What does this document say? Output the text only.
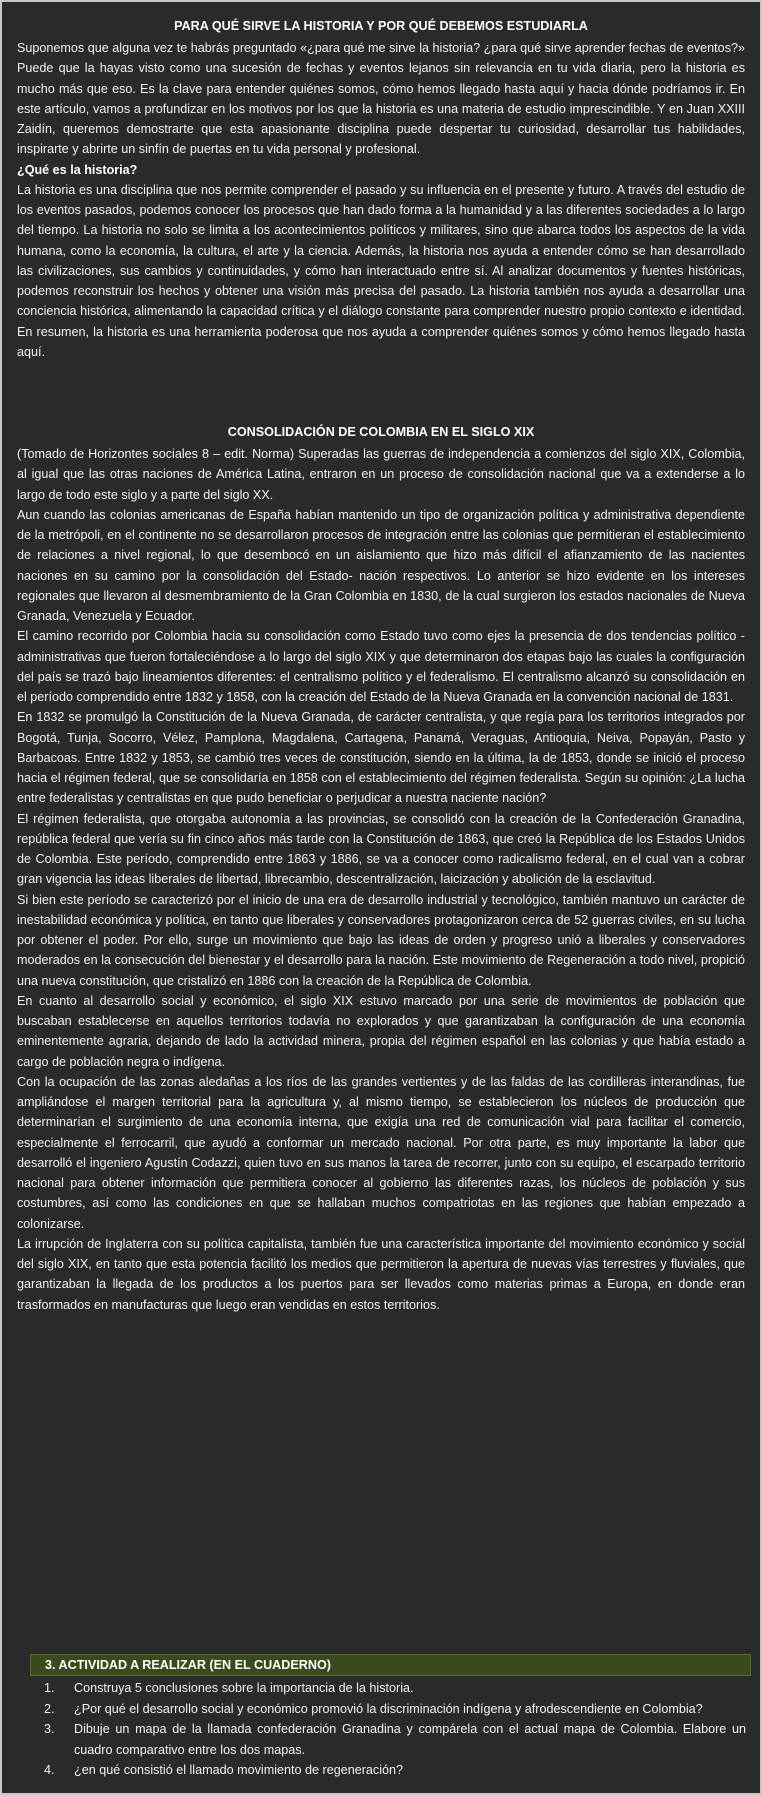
PARA QUÉ SIRVE LA HISTORIA Y POR QUÉ DEBEMOS ESTUDIARLA

Suponemos que alguna vez te habrás preguntado «¿para qué me sirve la historia? ¿para qué sirve aprender fechas de eventos?» Puede que la hayas visto como una sucesión de fechas y eventos lejanos sin relevancia en tu vida diaria, pero la historia es mucho más que eso. Es la clave para entender quiénes somos, cómo hemos llegado hasta aquí y hacia dónde podríamos ir. En este artículo, vamos a profundizar en los motivos por los que la historia es una materia de estudio imprescindible. Y en Juan XXIII Zaidín, queremos demostrarte que esta apasionante disciplina puede despertar tu curiosidad, desarrollar tus habilidades, inspirarte y abrirte un sinfín de puertas en tu vida personal y profesional.

¿Qué es la historia?

La historia es una disciplina que nos permite comprender el pasado y su influencia en el presente y futuro. A través del estudio de los eventos pasados, podemos conocer los procesos que han dado forma a la humanidad y a las diferentes sociedades a lo largo del tiempo. La historia no solo se limita a los acontecimientos políticos y militares, sino que abarca todos los aspectos de la vida humana, como la economía, la cultura, el arte y la ciencia. Además, la historia nos ayuda a entender cómo se han desarrollado las civilizaciones, sus cambios y continuidades, y cómo han interactuado entre sí. Al analizar documentos y fuentes históricas, podemos reconstruir los hechos y obtener una visión más precisa del pasado. La historia también nos ayuda a desarrollar una conciencia histórica, alimentando la capacidad crítica y el diálogo constante para comprender nuestro propio contexto e identidad. En resumen, la historia es una herramienta poderosa que nos ayuda a comprender quiénes somos y cómo hemos llegado hasta aquí.

CONSOLIDACIÓN DE COLOMBIA EN EL SIGLO XIX

(Tomado de Horizontes sociales 8 – edit. Norma) Superadas las guerras de independencia a comienzos del siglo XIX, Colombia, al igual que las otras naciones de América Latina, entraron en un proceso de consolidación nacional que va a extenderse a lo largo de todo este siglo y a parte del siglo XX.

Aun cuando las colonias americanas de España habían mantenido un tipo de organización política y administrativa dependiente de la metrópoli, en el continente no se desarrollaron procesos de integración entre las colonias que permitieran el establecimiento de relaciones a nivel regional, lo que desembocó en un aislamiento que hizo más difícil el afianzamiento de las nacientes naciones en su camino por la consolidación del Estado- nación respectivos. Lo anterior se hizo evidente en los intereses regionales que llevaron al desmembramiento de la Gran Colombia en 1830, de la cual surgieron los estados nacionales de Nueva Granada, Venezuela y Ecuador.

El camino recorrido por Colombia hacia su consolidación como Estado tuvo como ejes la presencia de dos tendencias político - administrativas que fueron fortaleciéndose a lo largo del siglo XIX y que determinaron dos etapas bajo las cuales la configuración del país se trazó bajo lineamientos diferentes: el centralismo político y el federalismo. El centralismo alcanzó su consolidación en el período comprendido entre 1832 y 1858, con la creación del Estado de la Nueva Granada en la convención nacional de 1831.

En 1832 se promulgó la Constitución de la Nueva Granada, de carácter centralista, y que regía para los territorios integrados por Bogotá, Tunja, Socorro, Vélez, Pamplona, Magdalena, Cartagena, Panamá, Veraguas, Antioquia, Neiva, Popayán, Pasto y Barbacoas. Entre 1832 y 1853, se cambió tres veces de constitución, siendo en la última, la de 1853, donde se inició el proceso hacia el régimen federal, que se consolidaría en 1858 con el establecimiento del régimen federalista. Según su opinión: ¿La lucha entre federalistas y centralistas en que pudo beneficiar o perjudicar a nuestra naciente nación?

El régimen federalista, que otorgaba autonomía a las provincias, se consolidó con la creación de la Confederación Granadina, república federal que vería su fin cinco años más tarde con la Constitución de 1863, que creó la República de los Estados Unidos de Colombia. Este período, comprendido entre 1863 y 1886, se va a conocer como radicalismo federal, en el cual van a cobrar gran vigencia las ideas liberales de libertad, librecambio, descentralización, laicización y abolición de la esclavitud.

Si bien este período se caracterizó por el inicio de una era de desarrollo industrial y tecnológico, también mantuvo un carácter de inestabilidad económica y política, en tanto que liberales y conservadores protagonizaron cerca de 52 guerras civiles, en su lucha por obtener el poder. Por ello, surge un movimiento que bajo las ideas de orden y progreso unió a liberales y conservadores moderados en la consecución del bienestar y el desarrollo para la nación. Este movimiento de Regeneración a todo nivel, propició una nueva constitución, que cristalizó en 1886 con la creación de la República de Colombia.

En cuanto al desarrollo social y económico, el siglo XIX estuvo marcado por una serie de movimientos de población que buscaban establecerse en aquellos territorios todavía no explorados y que garantizaban la configuración de una economía eminentemente agraria, dejando de lado la actividad minera, propia del régimen español en las colonias y que había estado a cargo de población negra o indígena.

Con la ocupación de las zonas aledañas a los ríos de las grandes vertientes y de las faldas de las cordilleras interandinas, fue ampliándose el margen territorial para la agricultura y, al mismo tiempo, se establecieron los núcleos de producción que determinarían el surgimiento de una economía interna, que exigía una red de comunicación vial para facilitar el comercio, especialmente el ferrocarril, que ayudó a conformar un mercado nacional. Por otra parte, es muy importante la labor que desarrolló el ingeniero Agustín Codazzi, quien tuvo en sus manos la tarea de recorrer, junto con su equipo, el escarpado territorio nacional para obtener información que permitiera conocer al gobierno las diferentes razas, los núcleos de población y sus costumbres, así como las condiciones en que se hallaban muchos compatriotas en las regiones que habían empezado a colonizarse.

La irrupción de Inglaterra con su política capitalista, también fue una característica importante del movimiento económico y social del siglo XIX, en tanto que esta potencia facilitó los medios que permitieron la apertura de nuevas vías terrestres y fluviales, que garantizaban la llegada de los productos a los puertos para ser llevados como materias primas a Europa, en donde eran trasformados en manufacturas que luego eran vendidas en estos territorios.

3. ACTIVIDAD A REALIZAR (EN EL CUADERNO)
1. Construya 5 conclusiones sobre la importancia de la historia.
2. ¿Por qué el desarrollo social y económico promovió la discriminación indígena y afrodescendiente en Colombia?
3. Dibuje un mapa de la llamada confederación Granadina y compárela con el actual mapa de Colombia. Elabore un cuadro comparativo entre los dos mapas.
4. ¿en qué consistió el llamado movimiento de regeneración?
